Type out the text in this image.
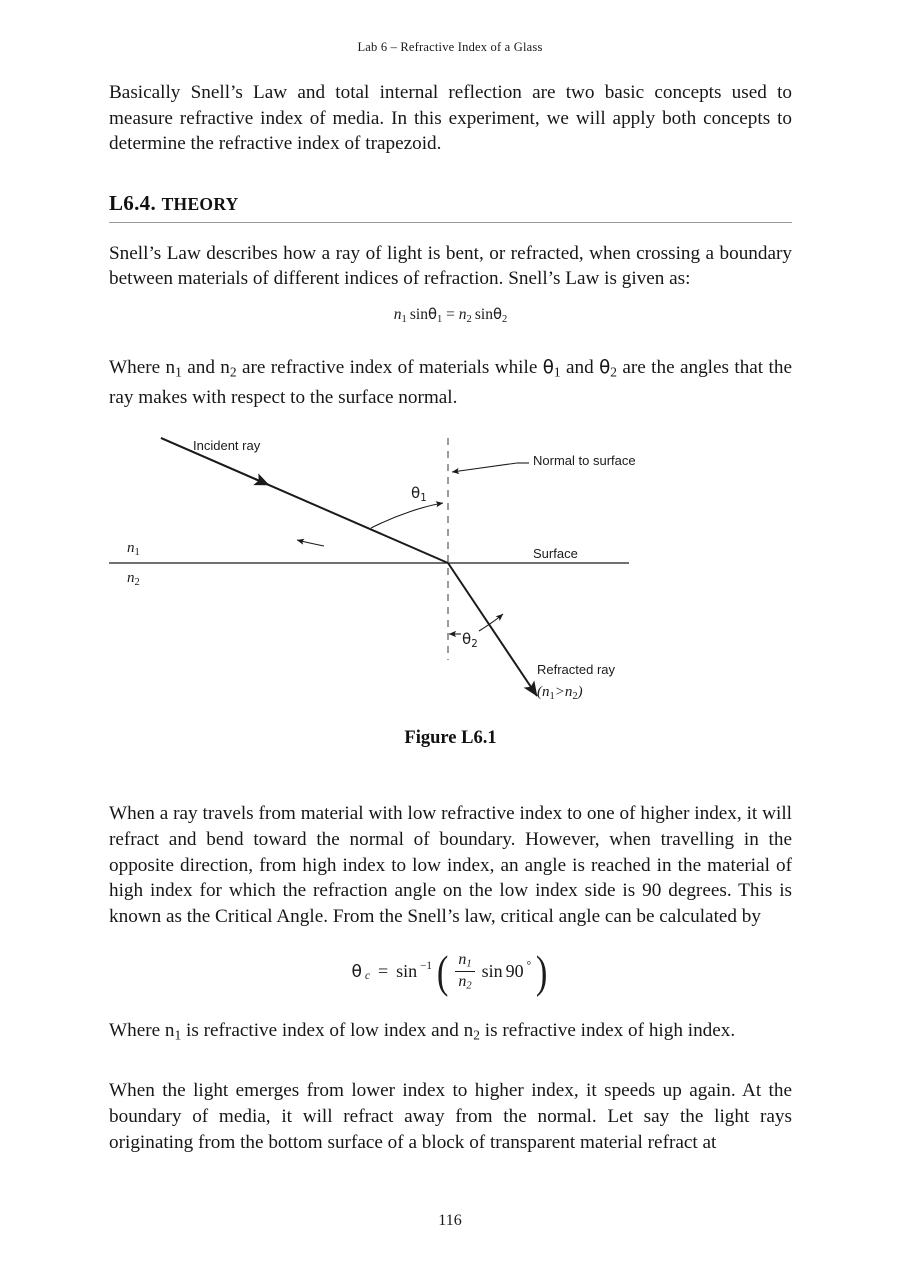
Lab 6 – Refractive Index of a Glass

Basically Snell’s Law and total internal reflection are two basic concepts used to measure refractive index of media. In this experiment, we will apply both concepts to determine the refractive index of trapezoid.

L6.4. THEORY

Snell’s Law describes how a ray of light is bent, or refracted, when crossing a boundary between materials of different indices of refraction. Snell’s Law is given as:

$n_1$  $\sin\theta_1 = n_2$  sinθ$_2$

Where $n_1$ and $n_2$ are refractive index of materials while $\theta_1$ and $\theta_2$ are the angles that the ray makes with respect to the surface normal.

Incident ray
Normal to surface
Surface
Refracted ray
$(n_1>n_2)$
$n_1$
$n_2$
$\theta_1$
$\theta_2$
Figure L6.1

When a ray travels from material with low refractive index to one of higher index, it will refract and bend toward the normal of boundary. However, when travelling in the opposite direction, from high index to low index, an angle is reached in the material of high index for which the refraction angle on the low index side is 90 degrees. This is known as the Critical Angle. From the Snell’s law, critical angle can be calculated by

θ c = sin −1 ( $\frac{n_1}{n_2}$ sin 90 ° )

Where $n_1$ is refractive index of low index and $n_2$ is refractive index of high index.

When the light emerges from lower index to higher index, it speeds up again. At the boundary of media, it will refract away from the normal. Let say the light rays originating from the bottom surface of a block of transparent material refract at

116
